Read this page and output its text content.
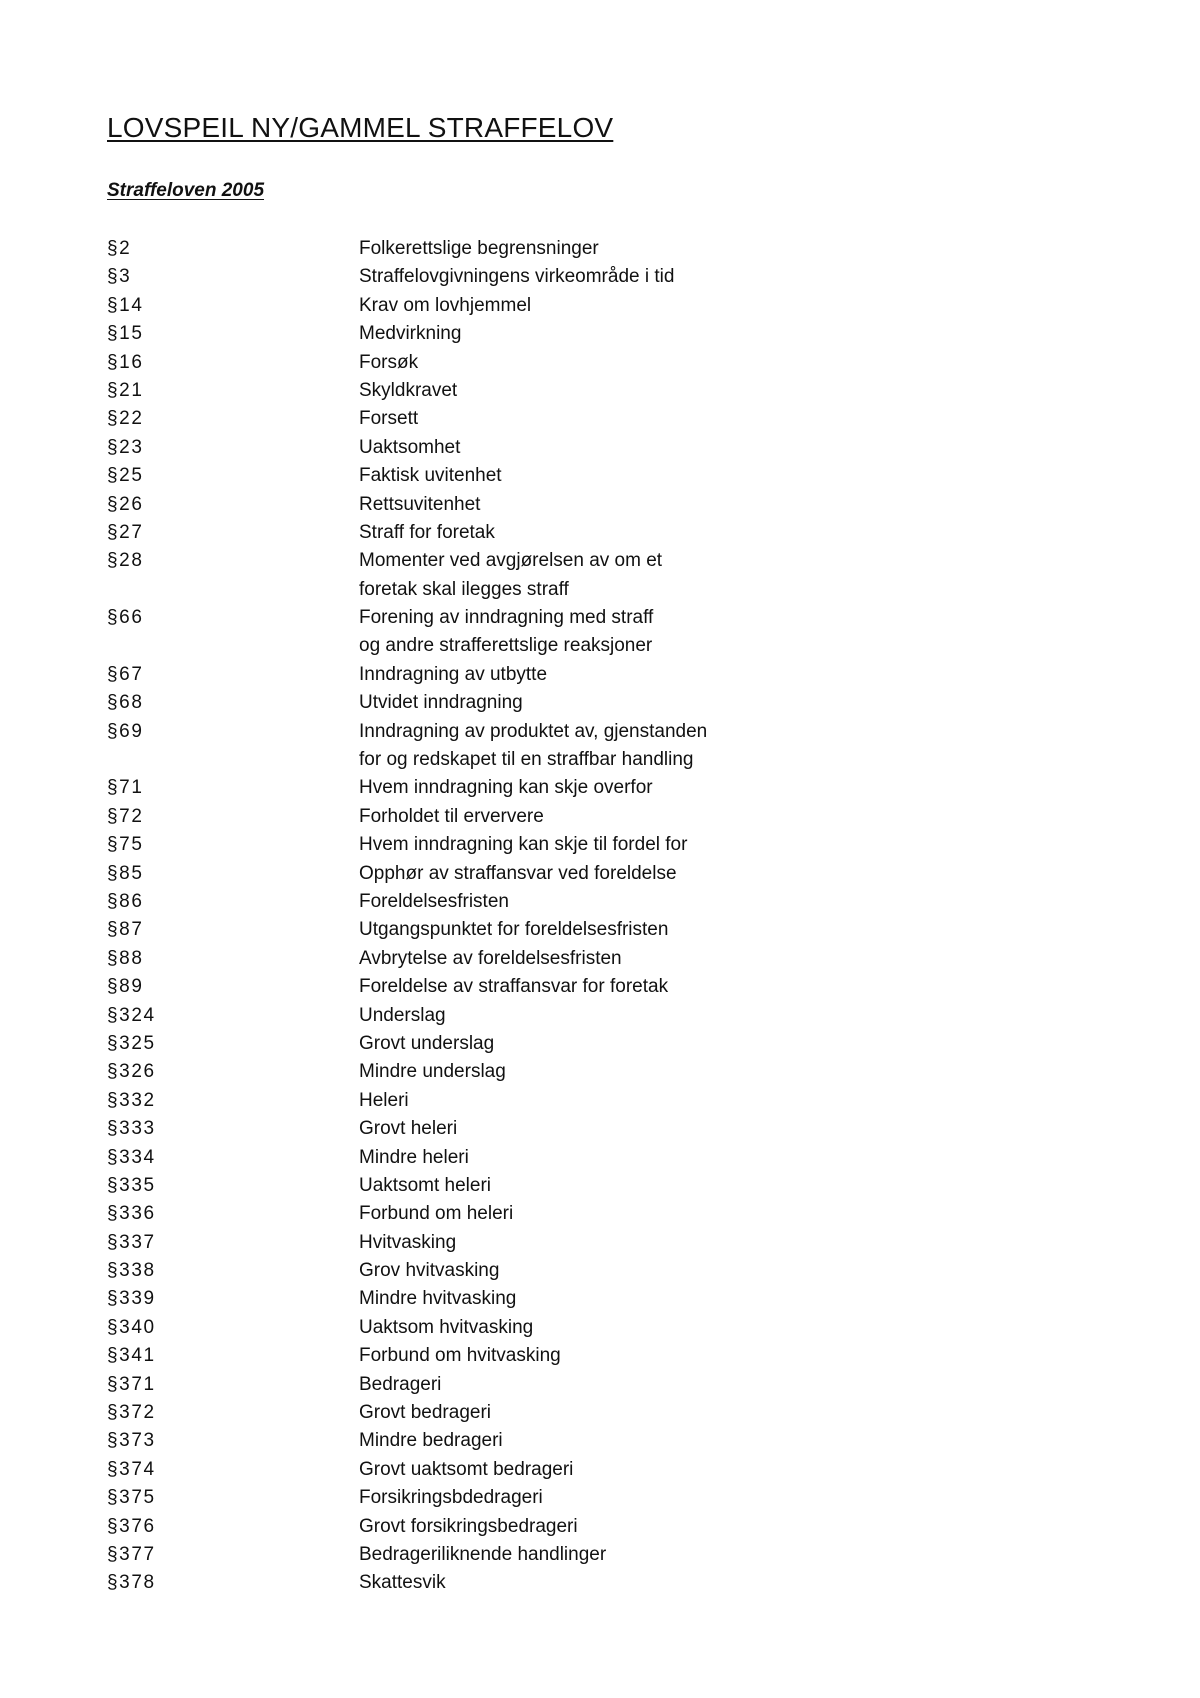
LOVSPEIL NY/GAMMEL STRAFFELOV
Straffeloven 2005
§2	Folkerettslige begrensninger
§3	Straffelovgivningens virkeområde i tid
§14	Krav om lovhjemmel
§15	Medvirkning
§16	Forsøk
§21	Skyldkravet
§22	Forsett
§23	Uaktsomhet
§25	Faktisk uvitenhet
§26	Rettsuvitenhet
§27	Straff for foretak
§28	Momenter ved avgjørelsen av om et
foretak skal ilegges straff
§66	Forening av inndragning med straff
og andre strafferettslige reaksjoner
§67	Inndragning av utbytte
§68	Utvidet inndragning
§69	Inndragning av produktet av, gjenstanden
for og redskapet til en straffbar handling
§71	Hvem inndragning kan skje overfor
§72	Forholdet til erververe
§75	Hvem inndragning kan skje til fordel for
§85	Opphør av straffansvar ved foreldelse
§86	Foreldelsesfristen
§87	Utgangspunktet for foreldelsesfristen
§88	Avbrytelse av foreldelsesfristen
§89	Foreldelse av straffansvar for foretak
§324	Underslag
§325	Grovt underslag
§326	Mindre underslag
§332	Heleri
§333	Grovt heleri
§334	Mindre heleri
§335	Uaktsomt heleri
§336	Forbund om heleri
§337	Hvitvasking
§338	Grov hvitvasking
§339	Mindre hvitvasking
§340	Uaktsom hvitvasking
§341	Forbund om hvitvasking
§371	Bedrageri
§372	Grovt bedrageri
§373	Mindre bedrageri
§374	Grovt uaktsomt bedrageri
§375	Forsikringsbdedrageri
§376	Grovt forsikringsbedrageri
§377	Bedrageriliknende handlinger
§378	Skattesvik
